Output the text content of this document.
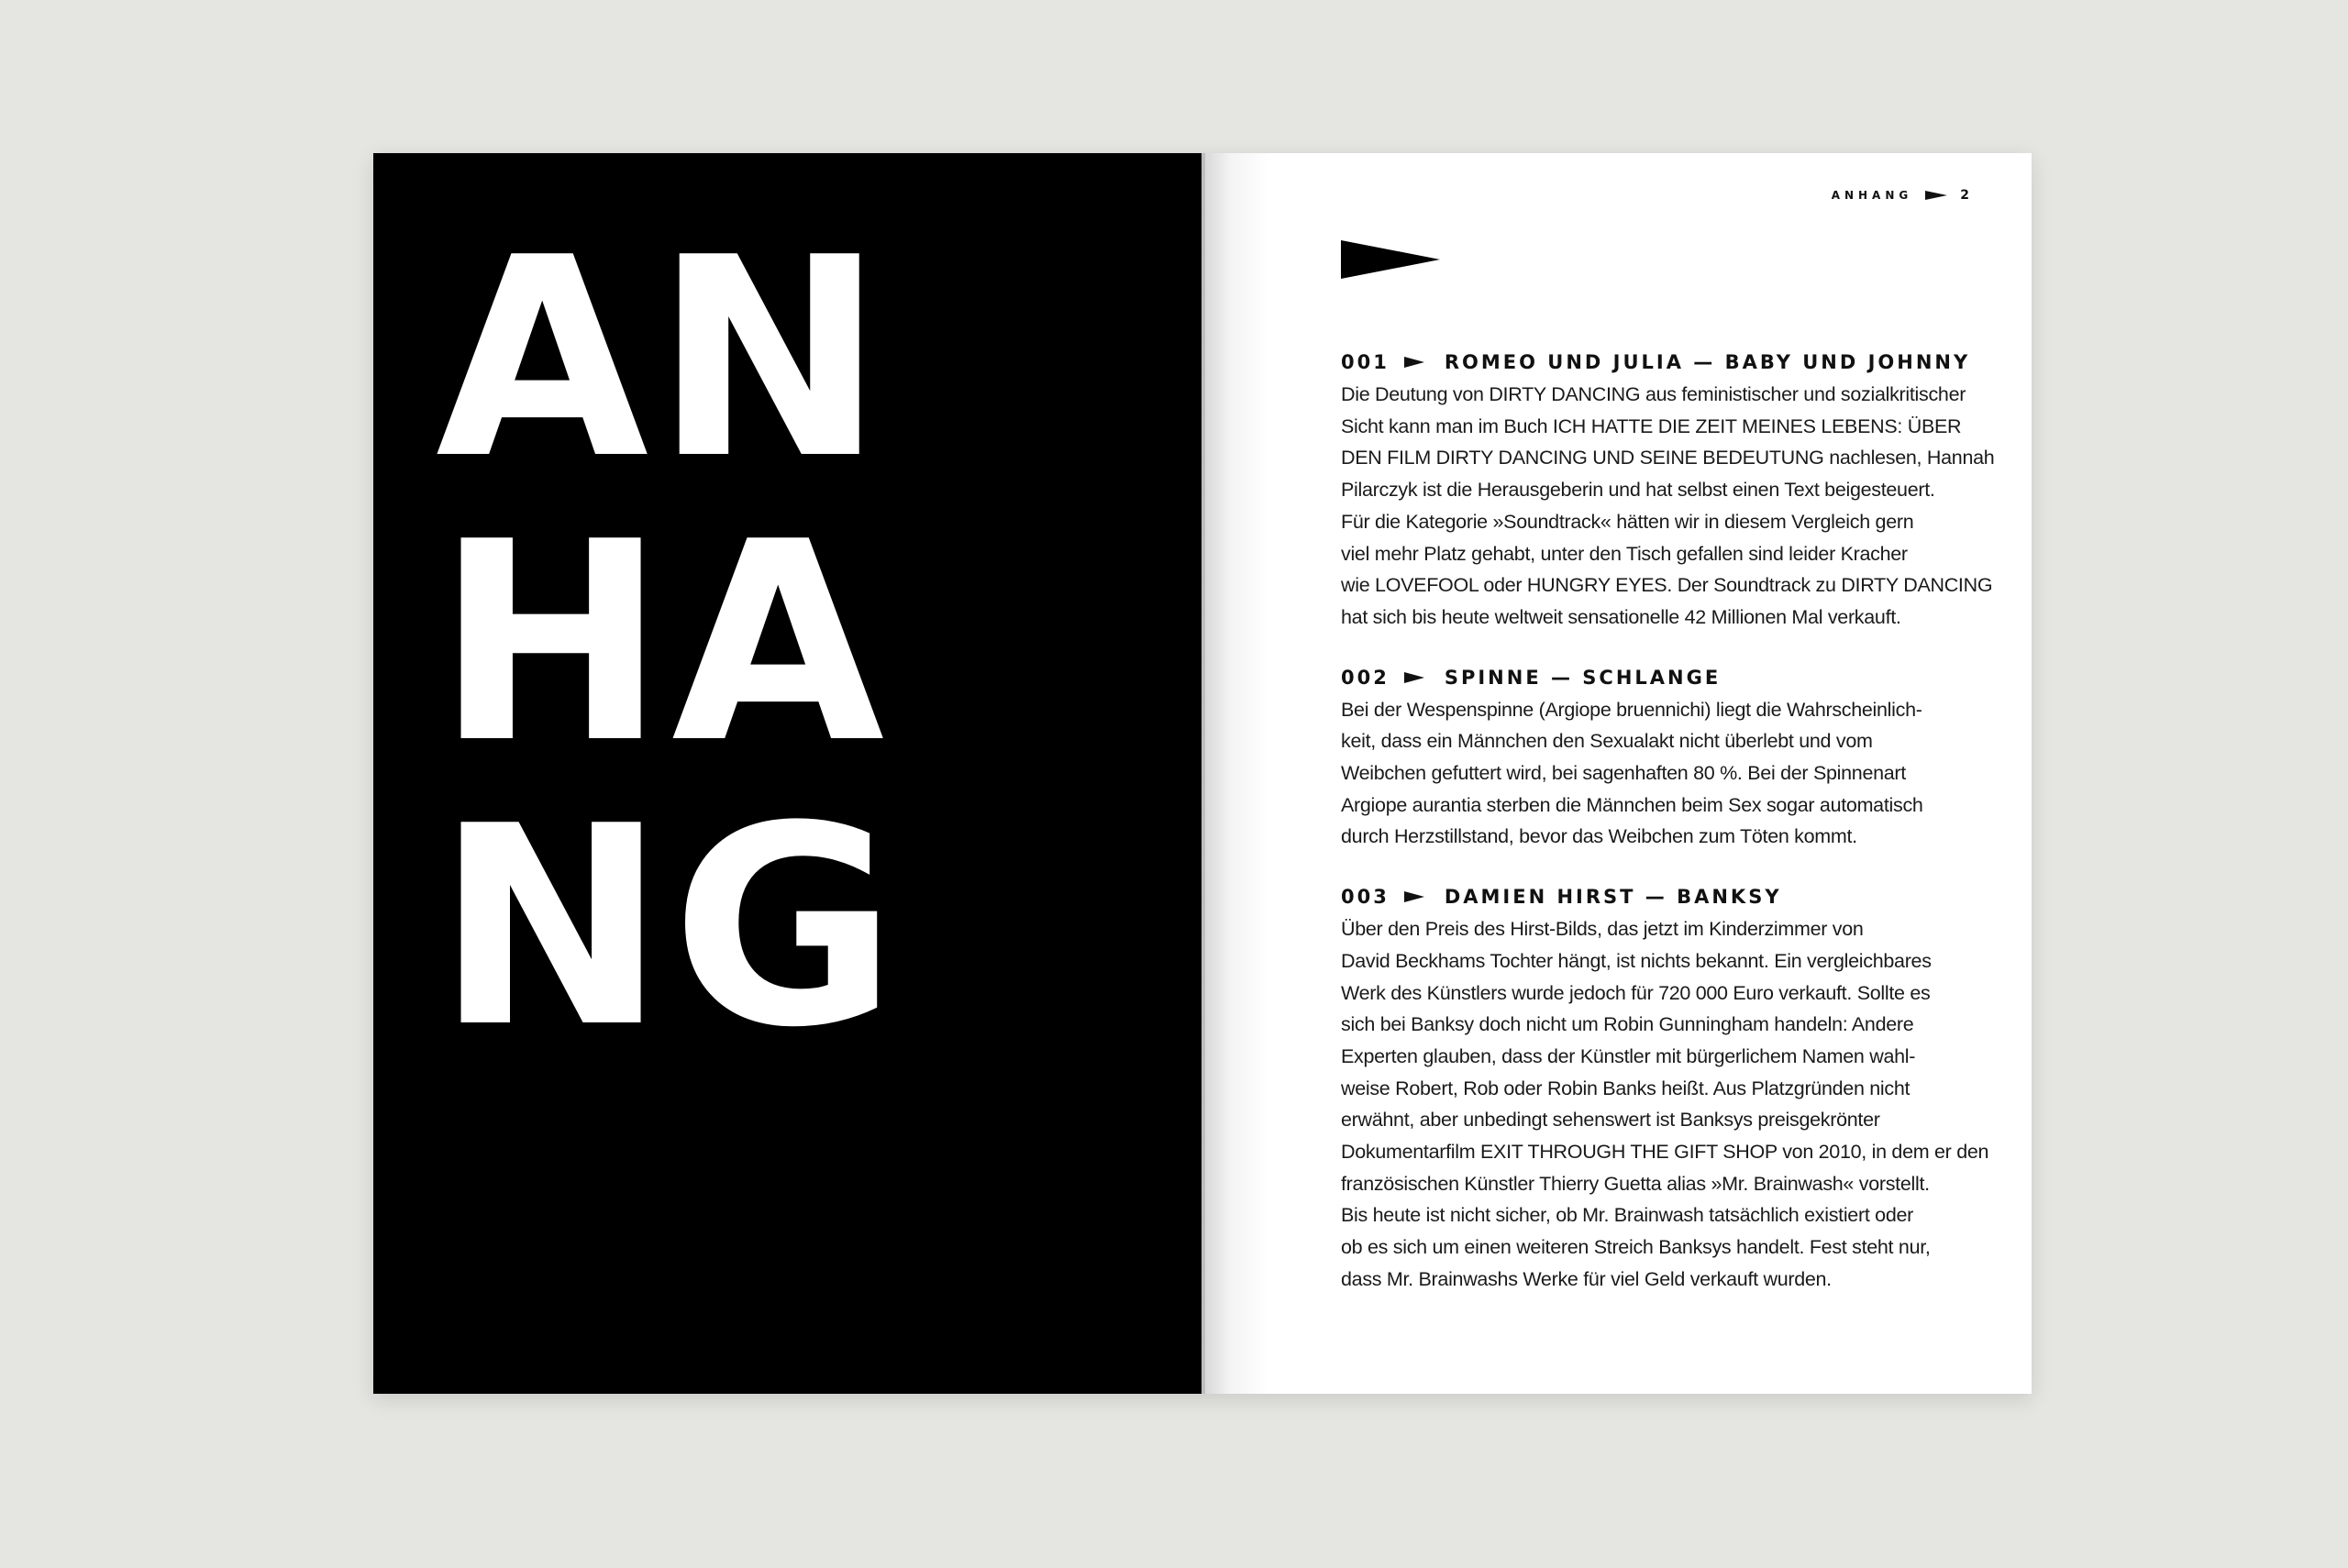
AN
HA
NG
ANHANG	2
001	ROMEO UND JULIA — BABY UND JOHNNY

Die Deutung von DIRTY DANCING aus feministischer und sozialkritischer
Sicht kann man im Buch ICH HATTE DIE ZEIT MEINES LEBENS: ÜBER
DEN FILM DIRTY DANCING UND SEINE BEDEUTUNG nachlesen, Hannah
Pilarczyk ist die Herausgeberin und hat selbst einen Text beigesteuert.
Für die Kategorie »Soundtrack« hätten wir in diesem Vergleich gern
viel mehr Platz gehabt, unter den Tisch gefallen sind leider Kracher
wie LOVEFOOL oder HUNGRY EYES. Der Soundtrack zu DIRTY DANCING
hat sich bis heute weltweit sensationelle 42 Millionen Mal verkauft.

002	SPINNE — SCHLANGE

Bei der Wespenspinne (Argiope bruennichi) liegt die Wahrscheinlich-
keit, dass ein Männchen den Sexualakt nicht überlebt und vom
Weibchen gefuttert wird, bei sagenhaften 80 %. Bei der Spinnenart
Argiope aurantia sterben die Männchen beim Sex sogar automatisch
durch Herzstillstand, bevor das Weibchen zum Töten kommt.

003	DAMIEN HIRST — BANKSY

Über den Preis des Hirst-Bilds, das jetzt im Kinderzimmer von
David Beckhams Tochter hängt, ist nichts bekannt. Ein vergleichbares
Werk des Künstlers wurde jedoch für 720 000 Euro verkauft. Sollte es
sich bei Banksy doch nicht um Robin Gunningham handeln: Andere
Experten glauben, dass der Künstler mit bürgerlichem Namen wahl-
weise Robert, Rob oder Robin Banks heißt. Aus Platzgründen nicht
erwähnt, aber unbedingt sehenswert ist Banksys preisgekrönter
Dokumentarfilm EXIT THROUGH THE GIFT SHOP von 2010, in dem er den
französischen Künstler Thierry Guetta alias »Mr. Brainwash« vorstellt.
Bis heute ist nicht sicher, ob Mr. Brainwash tatsächlich existiert oder
ob es sich um einen weiteren Streich Banksys handelt. Fest steht nur,
dass Mr. Brainwashs Werke für viel Geld verkauft wurden.
